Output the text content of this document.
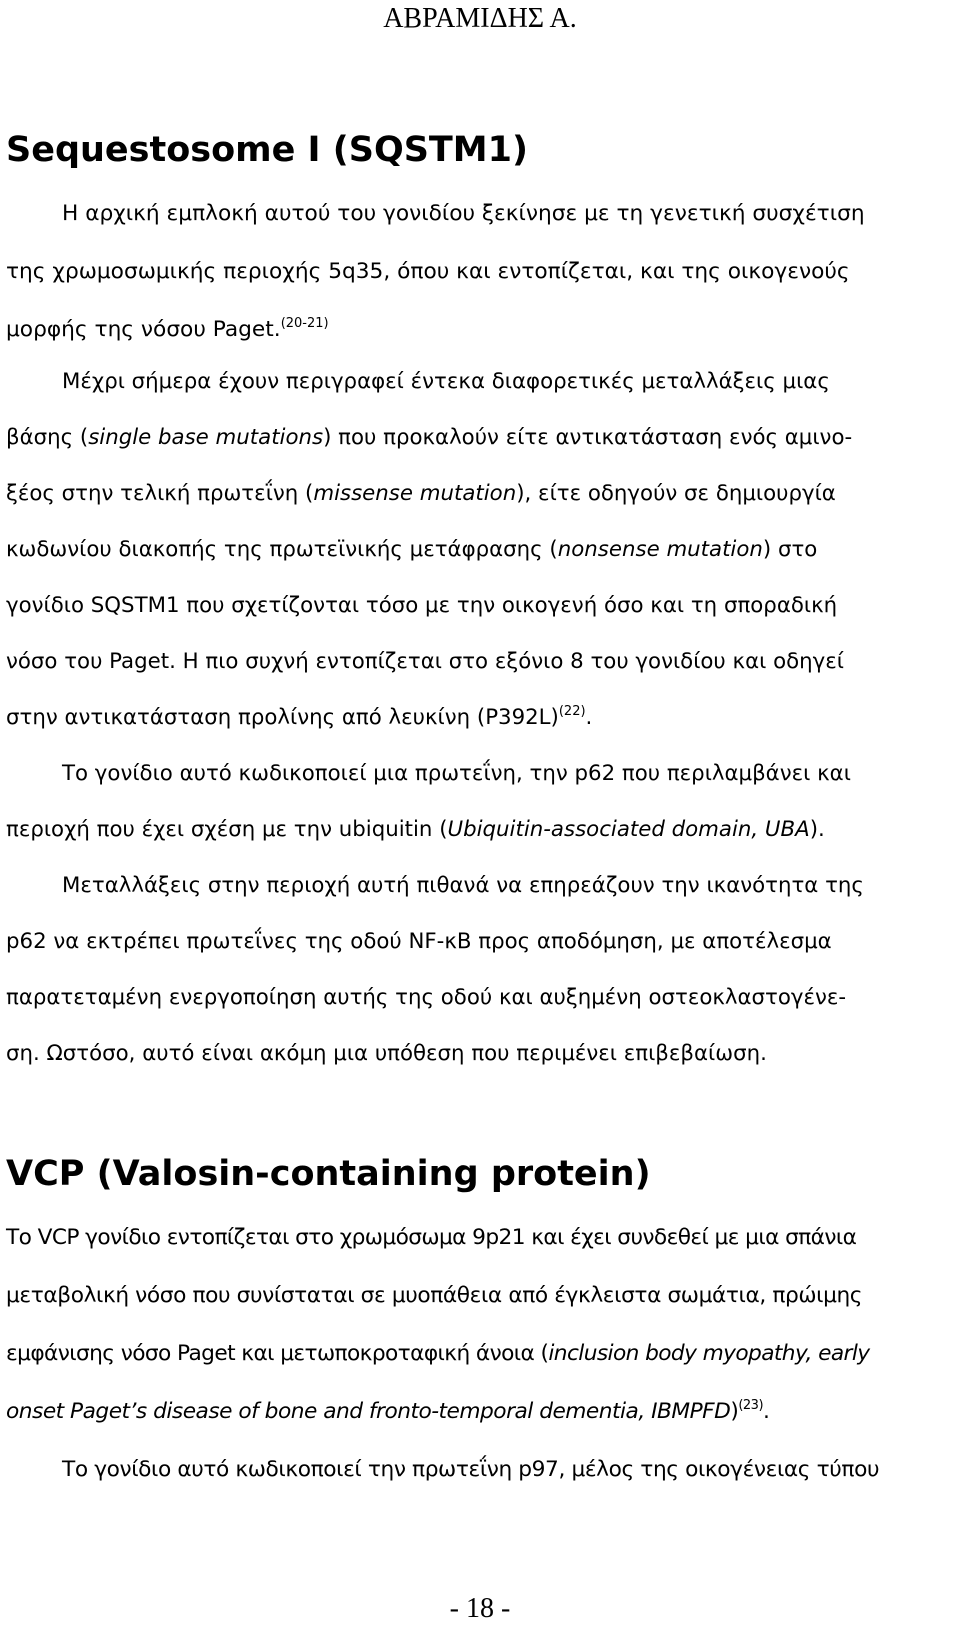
ΑΒΡΑΜΙΔΗΣ Α.
Sequestosome I (SQSTM1)
Η αρχική εμπλοκή αυτού του γονιδίου ξεκίνησε με τη γενετική συσχέτιση
της χρωμοσωμικής περιοχής 5q35, όπου και εντοπίζεται, και της οικογενούς
μορφής της νόσου Paget.$^{(20-21)}$
Μέχρι σήμερα έχουν περιγραφεί έντεκα διαφορετικές μεταλλάξεις μιας
βάσης (single base mutations) που προκαλούν είτε αντικατάσταση ενός αμινο-
ξέος στην τελική πρωτεΐνη (missense mutation), είτε οδηγούν σε δημιουργία
κωδωνίου διακοπής της πρωτεϊνικής μετάφρασης (nonsense mutation) στο
γονίδιο SQSTM1 που σχετίζονται τόσο με την οικογενή όσο και τη σποραδική
νόσο του Paget. Η πιο συχνή εντοπίζεται στο εξόνιο 8 του γονιδίου και οδηγεί
στην αντικατάσταση προλίνης από λευκίνη $(P392L)^{(22)}$.
Το γονίδιο αυτό κωδικοποιεί μια πρωτεΐνη, την p62 που περιλαμβάνει και
περιοχή που έχει σχέση με την ubiquitin (Ubiquitin-associated domain, UBA).
Μεταλλάξεις στην περιοχή αυτή πιθανά να επηρεάζουν την ικανότητα της
p62 να εκτρέπει πρωτεΐνες της οδού NF-κΒ προς αποδόμηση, με αποτέλεσμα
παρατεταμένη ενεργοποίηση αυτής της οδού και αυξημένη οστεοκλαστογένε-
ση. Ωστόσο, αυτό είναι ακόμη μια υπόθεση που περιμένει επιβεβαίωση.
VCP (Valosin-containing protein)
Το VCP γονίδιο εντοπίζεται στο χρωμόσωμα 9p21 και έχει συνδεθεί με μια σπάνια
μεταβολική νόσο που συνίσταται σε μυοπάθεια από έγκλειστα σωμάτια, πρώιμης
εμφάνισης νόσο Paget και μετωποκροταφική άνοια (inclusion body myopathy, early
onset Paget’s disease of bone and fronto-temporal dementia, IBMPFD)$^{(23)}$.
Το γονίδιο αυτό κωδικοποιεί την πρωτεΐνη p97, μέλος της οικογένειας τύπου
- 18 -
